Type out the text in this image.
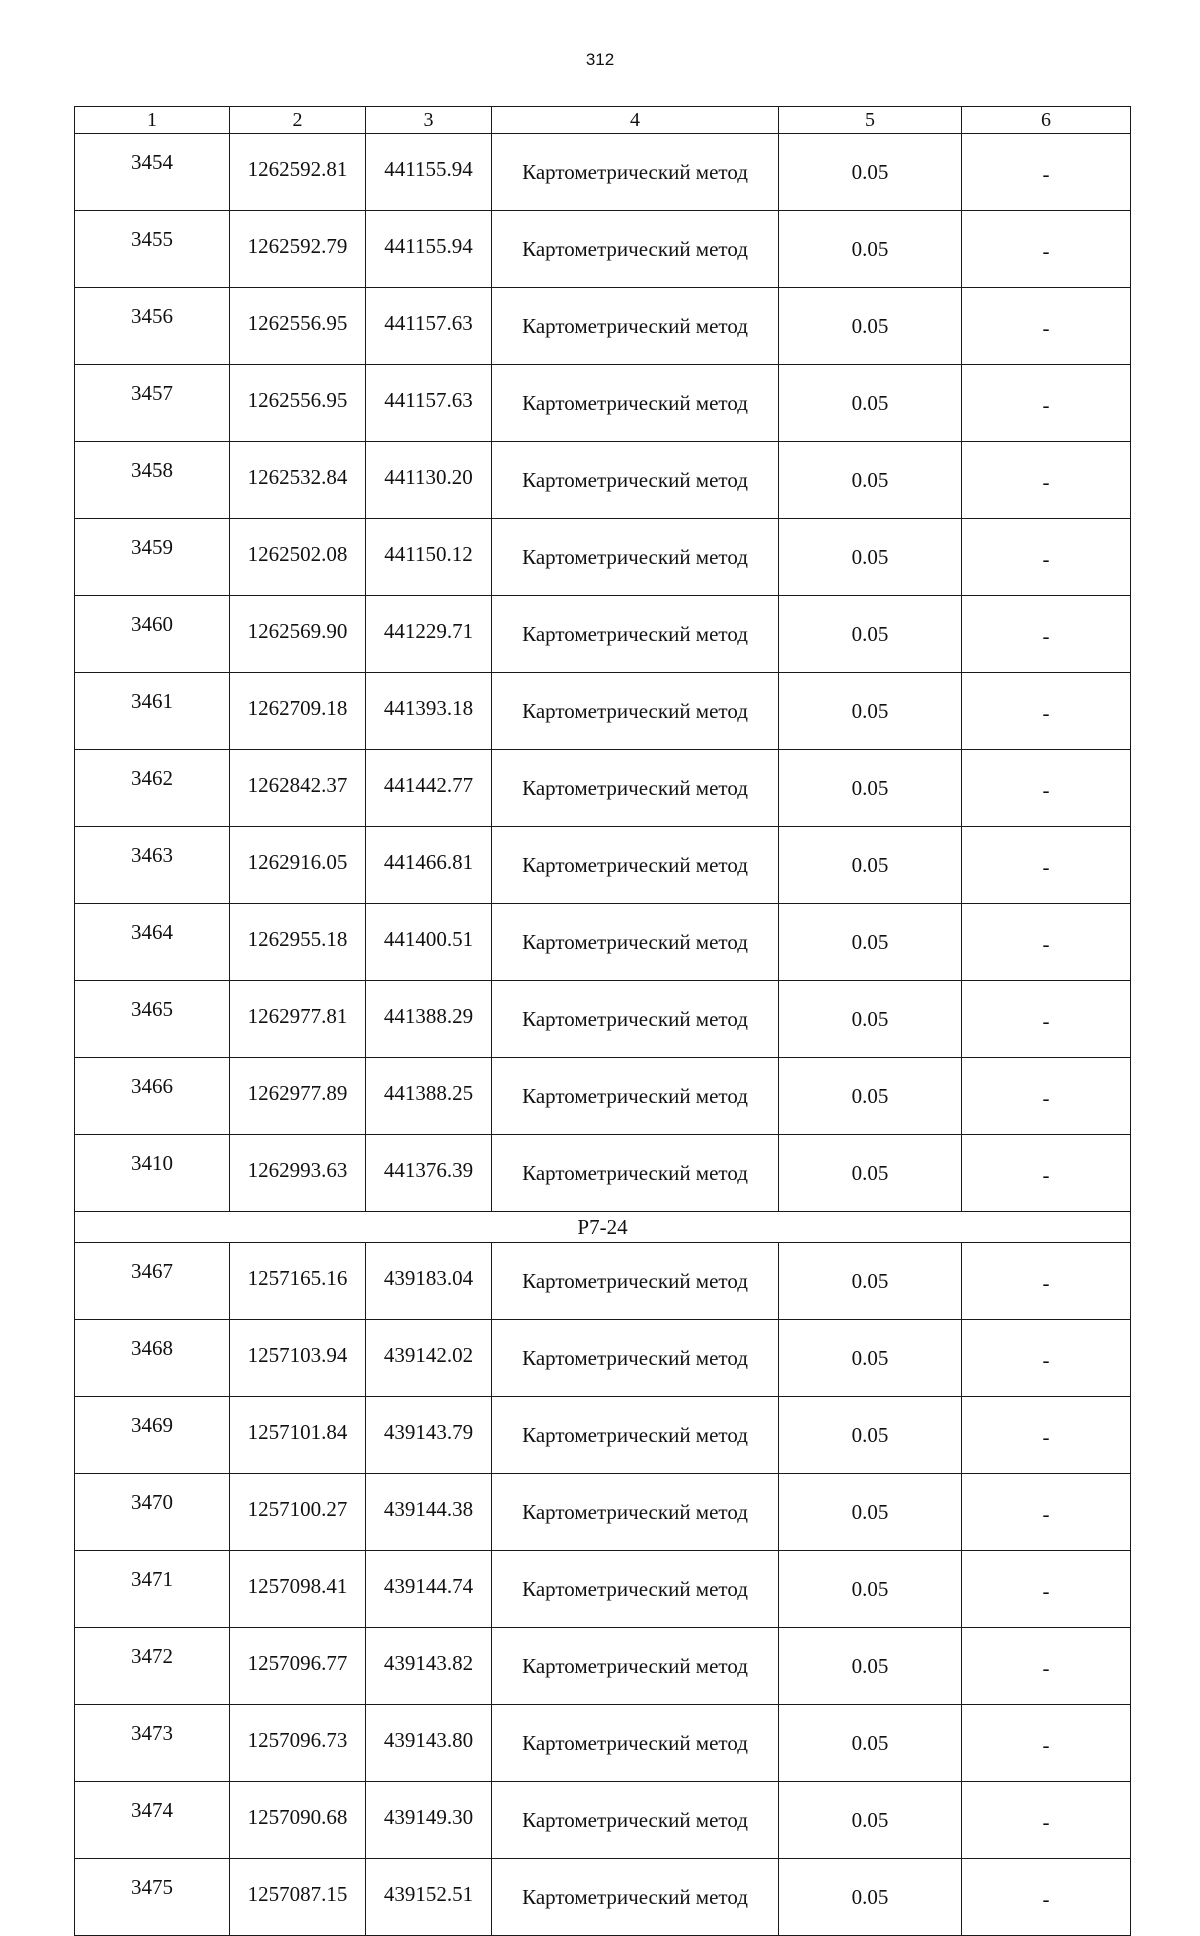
312
1	2	3	4	5	6
3454	1262592.81	441155.94	Картометрический метод	0.05	-
3455	1262592.79	441155.94	Картометрический метод	0.05	-
3456	1262556.95	441157.63	Картометрический метод	0.05	-
3457	1262556.95	441157.63	Картометрический метод	0.05	-
3458	1262532.84	441130.20	Картометрический метод	0.05	-
3459	1262502.08	441150.12	Картометрический метод	0.05	-
3460	1262569.90	441229.71	Картометрический метод	0.05	-
3461	1262709.18	441393.18	Картометрический метод	0.05	-
3462	1262842.37	441442.77	Картометрический метод	0.05	-
3463	1262916.05	441466.81	Картометрический метод	0.05	-
3464	1262955.18	441400.51	Картометрический метод	0.05	-
3465	1262977.81	441388.29	Картометрический метод	0.05	-
3466	1262977.89	441388.25	Картометрический метод	0.05	-
3410	1262993.63	441376.39	Картометрический метод	0.05	-
Р7-24					
3467	1257165.16	439183.04	Картометрический метод	0.05	-
3468	1257103.94	439142.02	Картометрический метод	0.05	-
3469	1257101.84	439143.79	Картометрический метод	0.05	-
3470	1257100.27	439144.38	Картометрический метод	0.05	-
3471	1257098.41	439144.74	Картометрический метод	0.05	-
3472	1257096.77	439143.82	Картометрический метод	0.05	-
3473	1257096.73	439143.80	Картометрический метод	0.05	-
3474	1257090.68	439149.30	Картометрический метод	0.05	-
3475	1257087.15	439152.51	Картометрический метод	0.05	-
